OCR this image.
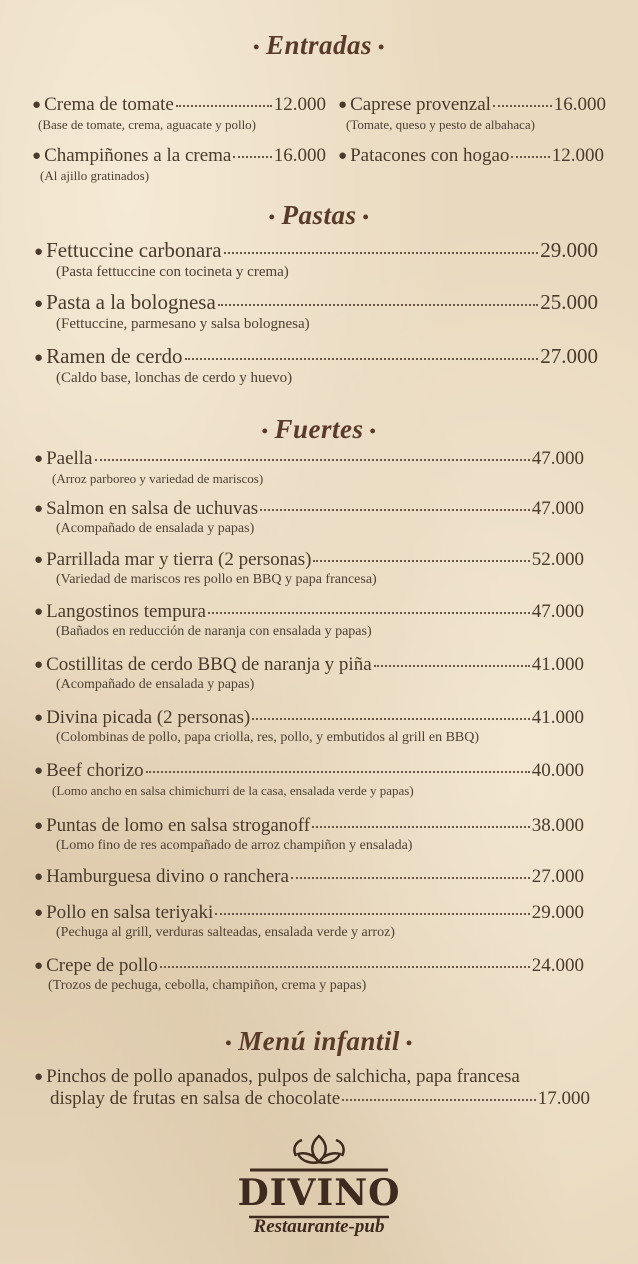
• Entradas •
● Crema de tomate	12.000
(Base de tomate, crema, aguacate y pollo)
● Caprese provenzal	16.000
(Tomate, queso y pesto de albahaca)
● Champiñones a la crema 16.000
(Al ajillo gratinados)
● Patacones con hogao 12.000
• Pastas •
● Fettuccine carbonara	29.000
(Pasta fettuccine con tocineta y crema)
● Pasta a la bolognesa	25.000
(Fettuccine, parmesano y salsa bolognesa)
● Ramen de cerdo	27.000
(Caldo base, lonchas de cerdo y huevo)
• Fuertes •
● Paella	47.000
(Arroz parboreo y variedad de mariscos)
● Salmon en salsa de uchuvas	47.000
(Acompañado de ensalada y papas)
● Parrillada mar y tierra (2 personas)	52.000
(Variedad de mariscos res pollo en BBQ y papa francesa)
● Langostinos tempura	47.000
(Bañados en reducción de naranja con ensalada y papas)
● Costillitas de cerdo BBQ de naranja y piña	41.000
(Acompañado de ensalada y papas)
● Divina picada (2 personas)	41.000
(Colombinas de pollo, papa criolla, res, pollo, y embutidos al grill en BBQ)
● Beef chorizo	40.000
(Lomo ancho en salsa chimichurri de la casa, ensalada verde y papas)
● Puntas de lomo en salsa stroganoff	38.000
(Lomo fino de res acompañado de arroz champiñon y ensalada)
● Hamburguesa divino o ranchera	27.000
● Pollo en salsa teriyaki	29.000
(Pechuga al grill, verduras salteadas, ensalada verde y arroz)
● Crepe de pollo	24.000
(Trozos de pechuga, cebolla, champiñon, crema y papas)
• Menú infantil •
● Pinchos de pollo apanados, pulpos de salchicha, papa francesa
display de frutas en salsa de chocolate	17.000
DIVINO
Restaurante-pub
